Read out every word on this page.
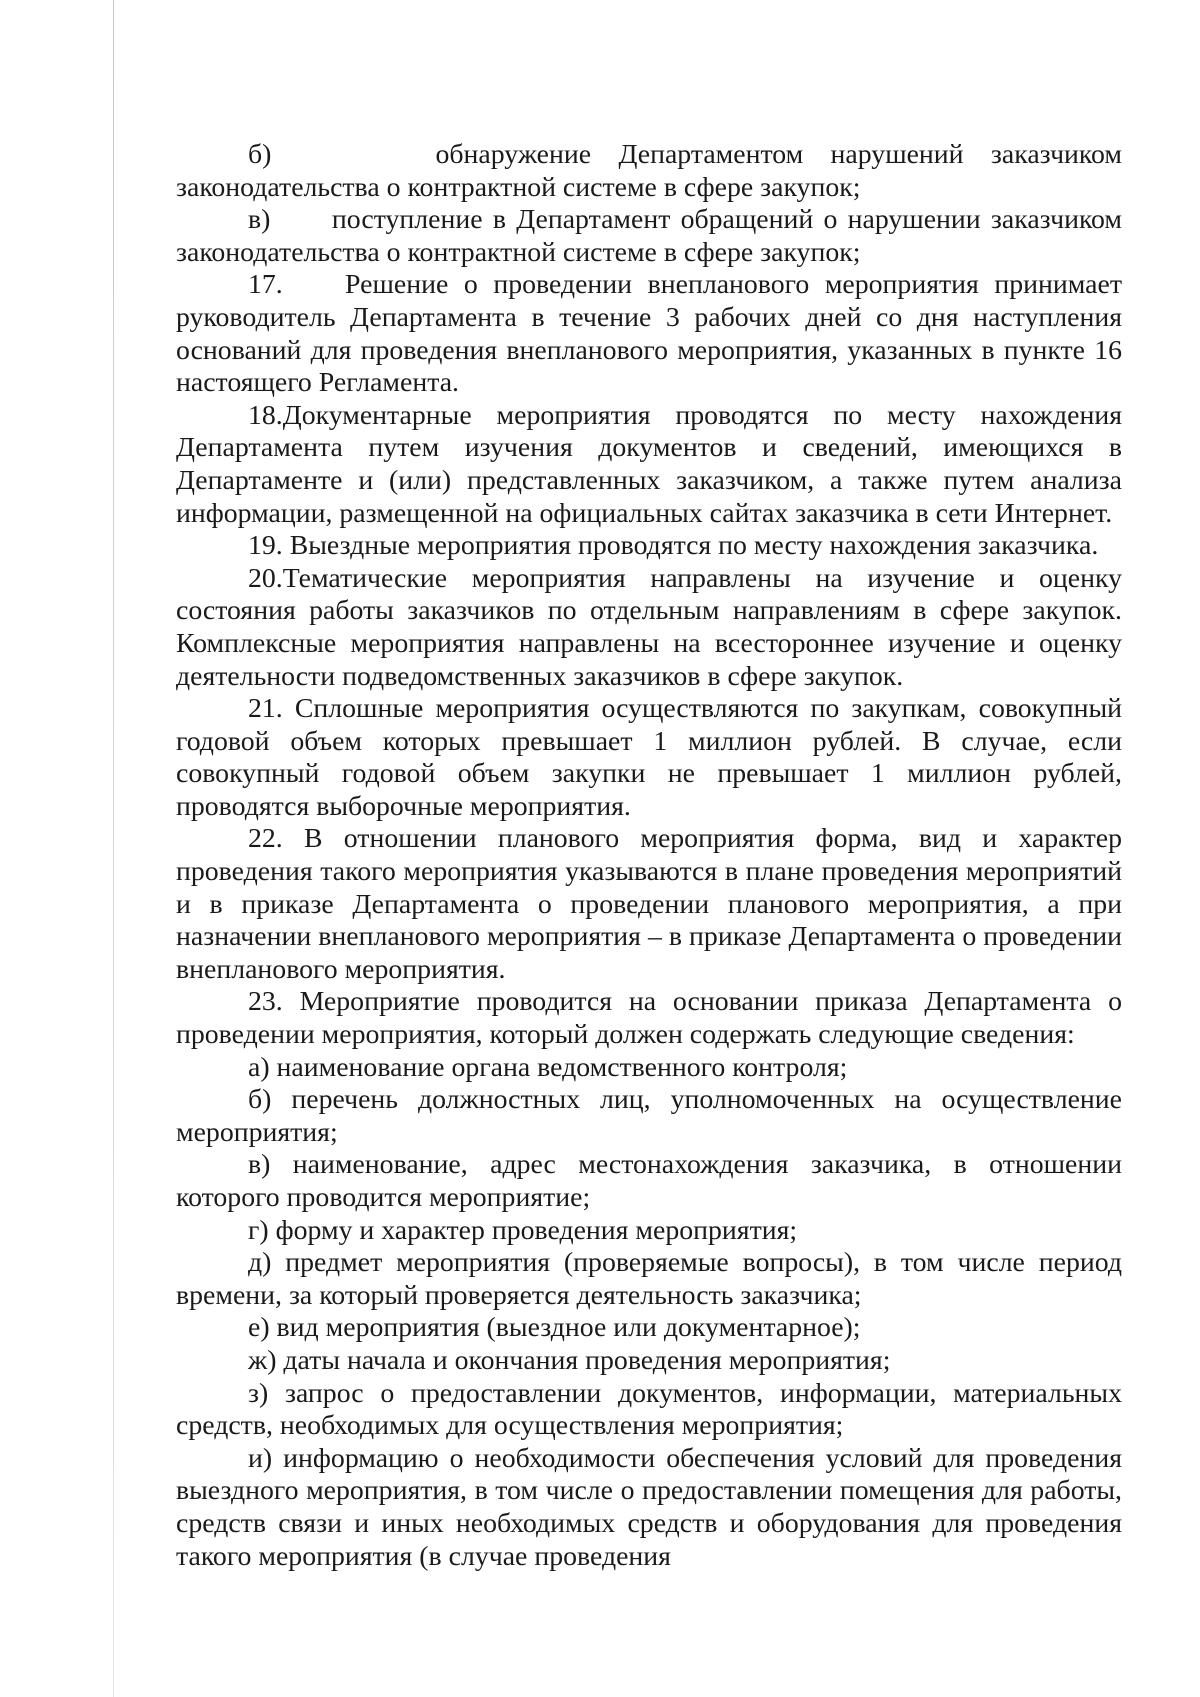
б)      обнаружение Департаментом нарушений заказчиком законодательства о контрактной системе в сфере закупок;

в)      поступление в Департамент обращений о нарушении заказчиком законодательства о контрактной системе в сфере закупок;

17.    Решение о проведении внепланового мероприятия принимает руководитель Департамента в течение 3 рабочих дней со дня наступления оснований для проведения внепланового мероприятия, указанных в пункте 16 настоящего Регламента.

18.Документарные мероприятия проводятся по месту нахождения Департамента путем изучения документов и сведений, имеющихся в Департаменте и (или) представленных заказчиком, а также путем анализа информации, размещенной на официальных сайтах заказчика в сети Интернет.

19. Выездные мероприятия проводятся по месту нахождения заказчика.

20.Тематические мероприятия направлены на изучение и оценку состояния работы заказчиков по отдельным направлениям в сфере закупок. Комплексные мероприятия направлены на всестороннее изучение и оценку деятельности подведомственных заказчиков в сфере закупок.

21. Сплошные мероприятия осуществляются по закупкам, совокупный годовой объем которых превышает 1 миллион рублей. В случае, если совокупный годовой объем закупки не превышает 1 миллион рублей, проводятся выборочные мероприятия.

22. В отношении планового мероприятия форма, вид и характер проведения такого мероприятия указываются в плане проведения мероприятий и в приказе Департамента о проведении планового мероприятия, а при назначении внепланового мероприятия – в приказе Департамента о проведении внепланового мероприятия.

23. Мероприятие проводится на основании приказа Департамента о проведении мероприятия, который должен содержать следующие сведения:

а) наименование органа ведомственного контроля;

б) перечень должностных лиц, уполномоченных на осуществление мероприятия;

в) наименование, адрес местонахождения заказчика, в отношении которого проводится мероприятие;

г) форму и характер проведения мероприятия;

д) предмет мероприятия (проверяемые вопросы), в том числе период времени, за который проверяется деятельность заказчика;

е) вид мероприятия (выездное или документарное);

ж) даты начала и окончания проведения мероприятия;

з) запрос о предоставлении документов, информации, материальных средств, необходимых для осуществления мероприятия;

и) информацию о необходимости обеспечения условий для проведения выездного мероприятия, в том числе о предоставлении помещения для работы, средств связи и иных необходимых средств и оборудования для проведения такого мероприятия (в случае проведения
